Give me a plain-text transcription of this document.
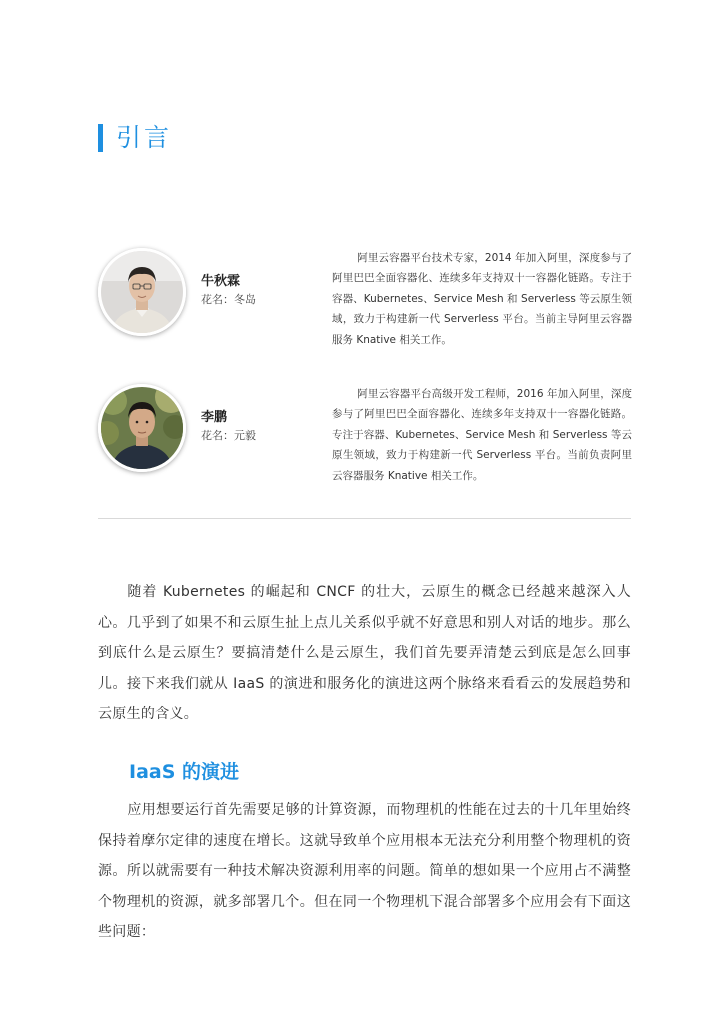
引言
牛秋霖
花名：冬岛

阿里云容器平台技术专家，2014 年加入阿里，深度参与了阿里巴巴全面容器化、连续多年支持双十一容器化链路。专注于容器、Kubernetes、Service Mesh 和 Serverless 等云原生领域，致力于构建新一代 Serverless 平台。当前主导阿里云容器服务 Knative 相关工作。

李鹏
花名：元毅

阿里云容器平台高级开发工程师，2016 年加入阿里，深度参与了阿里巴巴全面容器化、连续多年支持双十一容器化链路。专注于容器、Kubernetes、Service Mesh 和 Serverless 等云原生领域，致力于构建新一代 Serverless 平台。当前负责阿里云容器服务 Knative 相关工作。

随着 Kubernetes 的崛起和 CNCF 的壮大，云原生的概念已经越来越深入人心。几乎到了如果不和云原生扯上点儿关系似乎就不好意思和别人对话的地步。那么到底什么是云原生？要搞清楚什么是云原生，我们首先要弄清楚云到底是怎么回事儿。接下来我们就从 IaaS 的演进和服务化的演进这两个脉络来看看云的发展趋势和云原生的含义。

IaaS 的演进

应用想要运行首先需要足够的计算资源，而物理机的性能在过去的十几年里始终保持着摩尔定律的速度在增长。这就导致单个应用根本无法充分利用整个物理机的资源。所以就需要有一种技术解决资源利用率的问题。简单的想如果一个应用占不满整个物理机的资源，就多部署几个。但在同一个物理机下混合部署多个应用会有下面这些问题：
